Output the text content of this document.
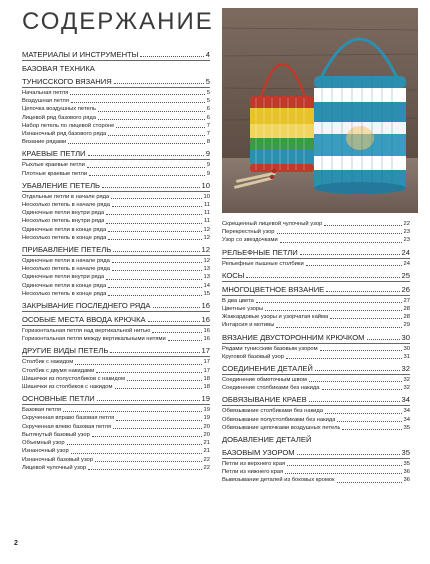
СОДЕРЖАНИЕ
МАТЕРИАЛЫ И ИНСТРУМЕНТЫ	4
БАЗОВАЯ ТЕХНИКА
ТУНИССКОГО ВЯЗАНИЯ	5
Начальная петля	5
Воздушная петля	5
Цепочка воздушных петель	6
Лицевой ряд базового ряда	6
Набор петель по лицевой стороне	7
Изнаночный ряд базового ряда	7
Вязание рядами	8
КРАЕВЫЕ ПЕТЛИ	9
Рыхлые краевые петли	9
Плотные краевые петли	9
УБАВЛЕНИЕ ПЕТЕЛЬ	10
Отдельные петли в начале ряда	10
Несколько петель в начале ряда	11
Одиночные петли внутри ряда	11
Несколько петель внутри ряда	11
Одиночные петли в конце ряда	12
Несколько петель в конце ряда	12
ПРИБАВЛЕНИЕ ПЕТЕЛЬ	12
Одиночные петли в начале ряда	12
Несколько петель в начале ряда	13
Одиночные петли внутри ряда	13
Одиночные петли в конце ряда	14
Несколько петель в конце ряда	15
ЗАКРЫВАНИЕ ПОСЛЕДНЕГО РЯДА	16
ОСОБЫЕ МЕСТА ВВОДА КРЮЧКА	16
Горизонтальная петля над вертикальной нитью	16
Горизонтальная петля между вертикальными нитями	16
ДРУГИЕ ВИДЫ ПЕТЕЛЬ	17
Столбик с накидом	17
Столбик с двумя накидами	17
Шишечки из полустолбиков с накидом	18
Шишечки из столбиков с накидом	18
ОСНОВНЫЕ ПЕТЛИ	19
Базовая петля	19
Скрученная вправо базовая петля	19
Скрученная влево базовая петля	20
Вытянутый базовый узор	20
Объемный узор	21
Изнаночный узор	21
Изнаночный базовый узор	22
Лицевой чулочный узор	22
Скрещенный лицевой чулочный узор	22
Перекрестный узор	23
Узор со звездочками	23
РЕЛЬЕФНЫЕ ПЕТЛИ	24
Рельефные пышные столбики	24
КОСЫ	25
МНОГОЦВЕТНОЕ ВЯЗАНИЕ	26
В два цвета	27
Цветные узоры	28
Жаккардовые узоры и узорчатая кайма	28
Интарсия и мотивы	29
ВЯЗАНИЕ ДВУСТОРОННИМ КРЮЧКОМ	30
Рядами тунисским базовым узором	30
Круговой базовый узор	31
СОЕДИНЕНИЕ ДЕТАЛЕЙ	32
Соединение обметочным швом	32
Соединение столбиками без накида	32
ОБВЯЗЫВАНИЕ КРАЕВ	34
Обвязывание столбиками без накида	34
Обвязывание полустолбиками без накида	34
Обвязывание цепочками воздушных петель	35
ДОБАВЛЕНИЕ ДЕТАЛЕЙ
БАЗОВЫМ УЗОРОМ	35
Петли из верхнего края	35
Петли из нижнего края	36
Вывязывание деталей из боковых кромок	36
2
